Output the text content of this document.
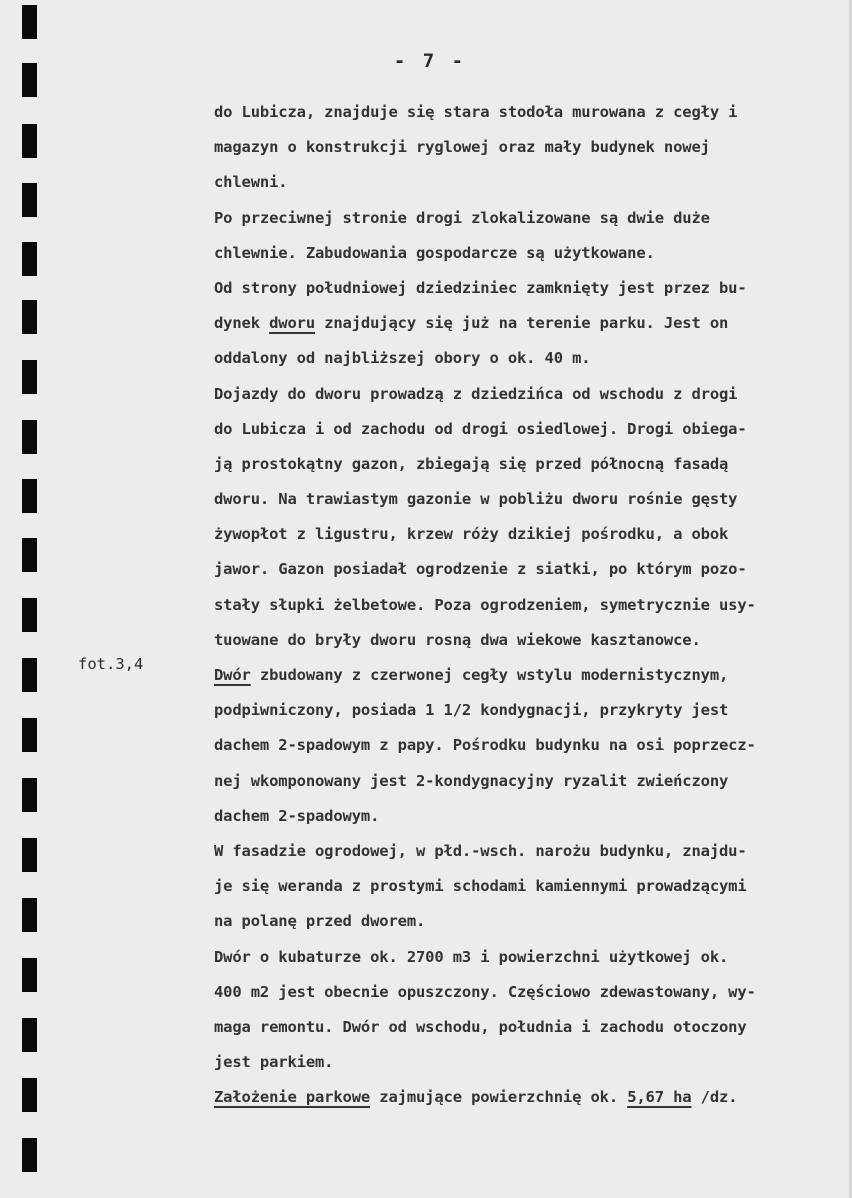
- 7 -
fot.3,4
do Lubicza, znajduje się stara stodoła murowana z cegły i
magazyn o konstrukcji ryglowej oraz mały budynek nowej
chlewni.
Po przeciwnej stronie drogi zlokalizowane są dwie duże
chlewnie. Zabudowania gospodarcze są użytkowane.
Od strony południowej dziedziniec zamknięty jest przez bu-
dynek dworu znajdujący się już na terenie parku. Jest on
oddalony od najbliższej obory o ok. 40 m.
Dojazdy do dworu prowadzą z dziedzińca od wschodu z drogi
do Lubicza i od zachodu od drogi osiedlowej. Drogi obiega-
ją prostokątny gazon, zbiegają się przed północną fasadą
dworu. Na trawiastym gazonie w pobliżu dworu rośnie gęsty
żywopłot z ligustru, krzew róży dzikiej pośrodku, a obok
jawor. Gazon posiadał ogrodzenie z siatki, po którym pozo-
stały słupki żelbetowe. Poza ogrodzeniem, symetrycznie usy-
tuowane do bryły dworu rosną dwa wiekowe kasztanowce.
Dwór zbudowany z czerwonej cegły wstylu modernistycznym,
podpiwniczony, posiada 1 1/2 kondygnacji, przykryty jest
dachem 2-spadowym z papy. Pośrodku budynku na osi poprzecz-
nej wkomponowany jest 2-kondygnacyjny ryzalit zwieńczony
dachem 2-spadowym.
W fasadzie ogrodowej, w płd.-wsch. narożu budynku, znajdu-
je się weranda z prostymi schodami kamiennymi prowadzącymi
na polanę przed dworem.
Dwór o kubaturze ok. 2700 m3 i powierzchni użytkowej ok.
400 m2 jest obecnie opuszczony. Częściowo zdewastowany, wy-
maga remontu. Dwór od wschodu, południa i zachodu otoczony
jest parkiem.
Założenie parkowe zajmujące powierzchnię ok. 5,67 ha /dz.
